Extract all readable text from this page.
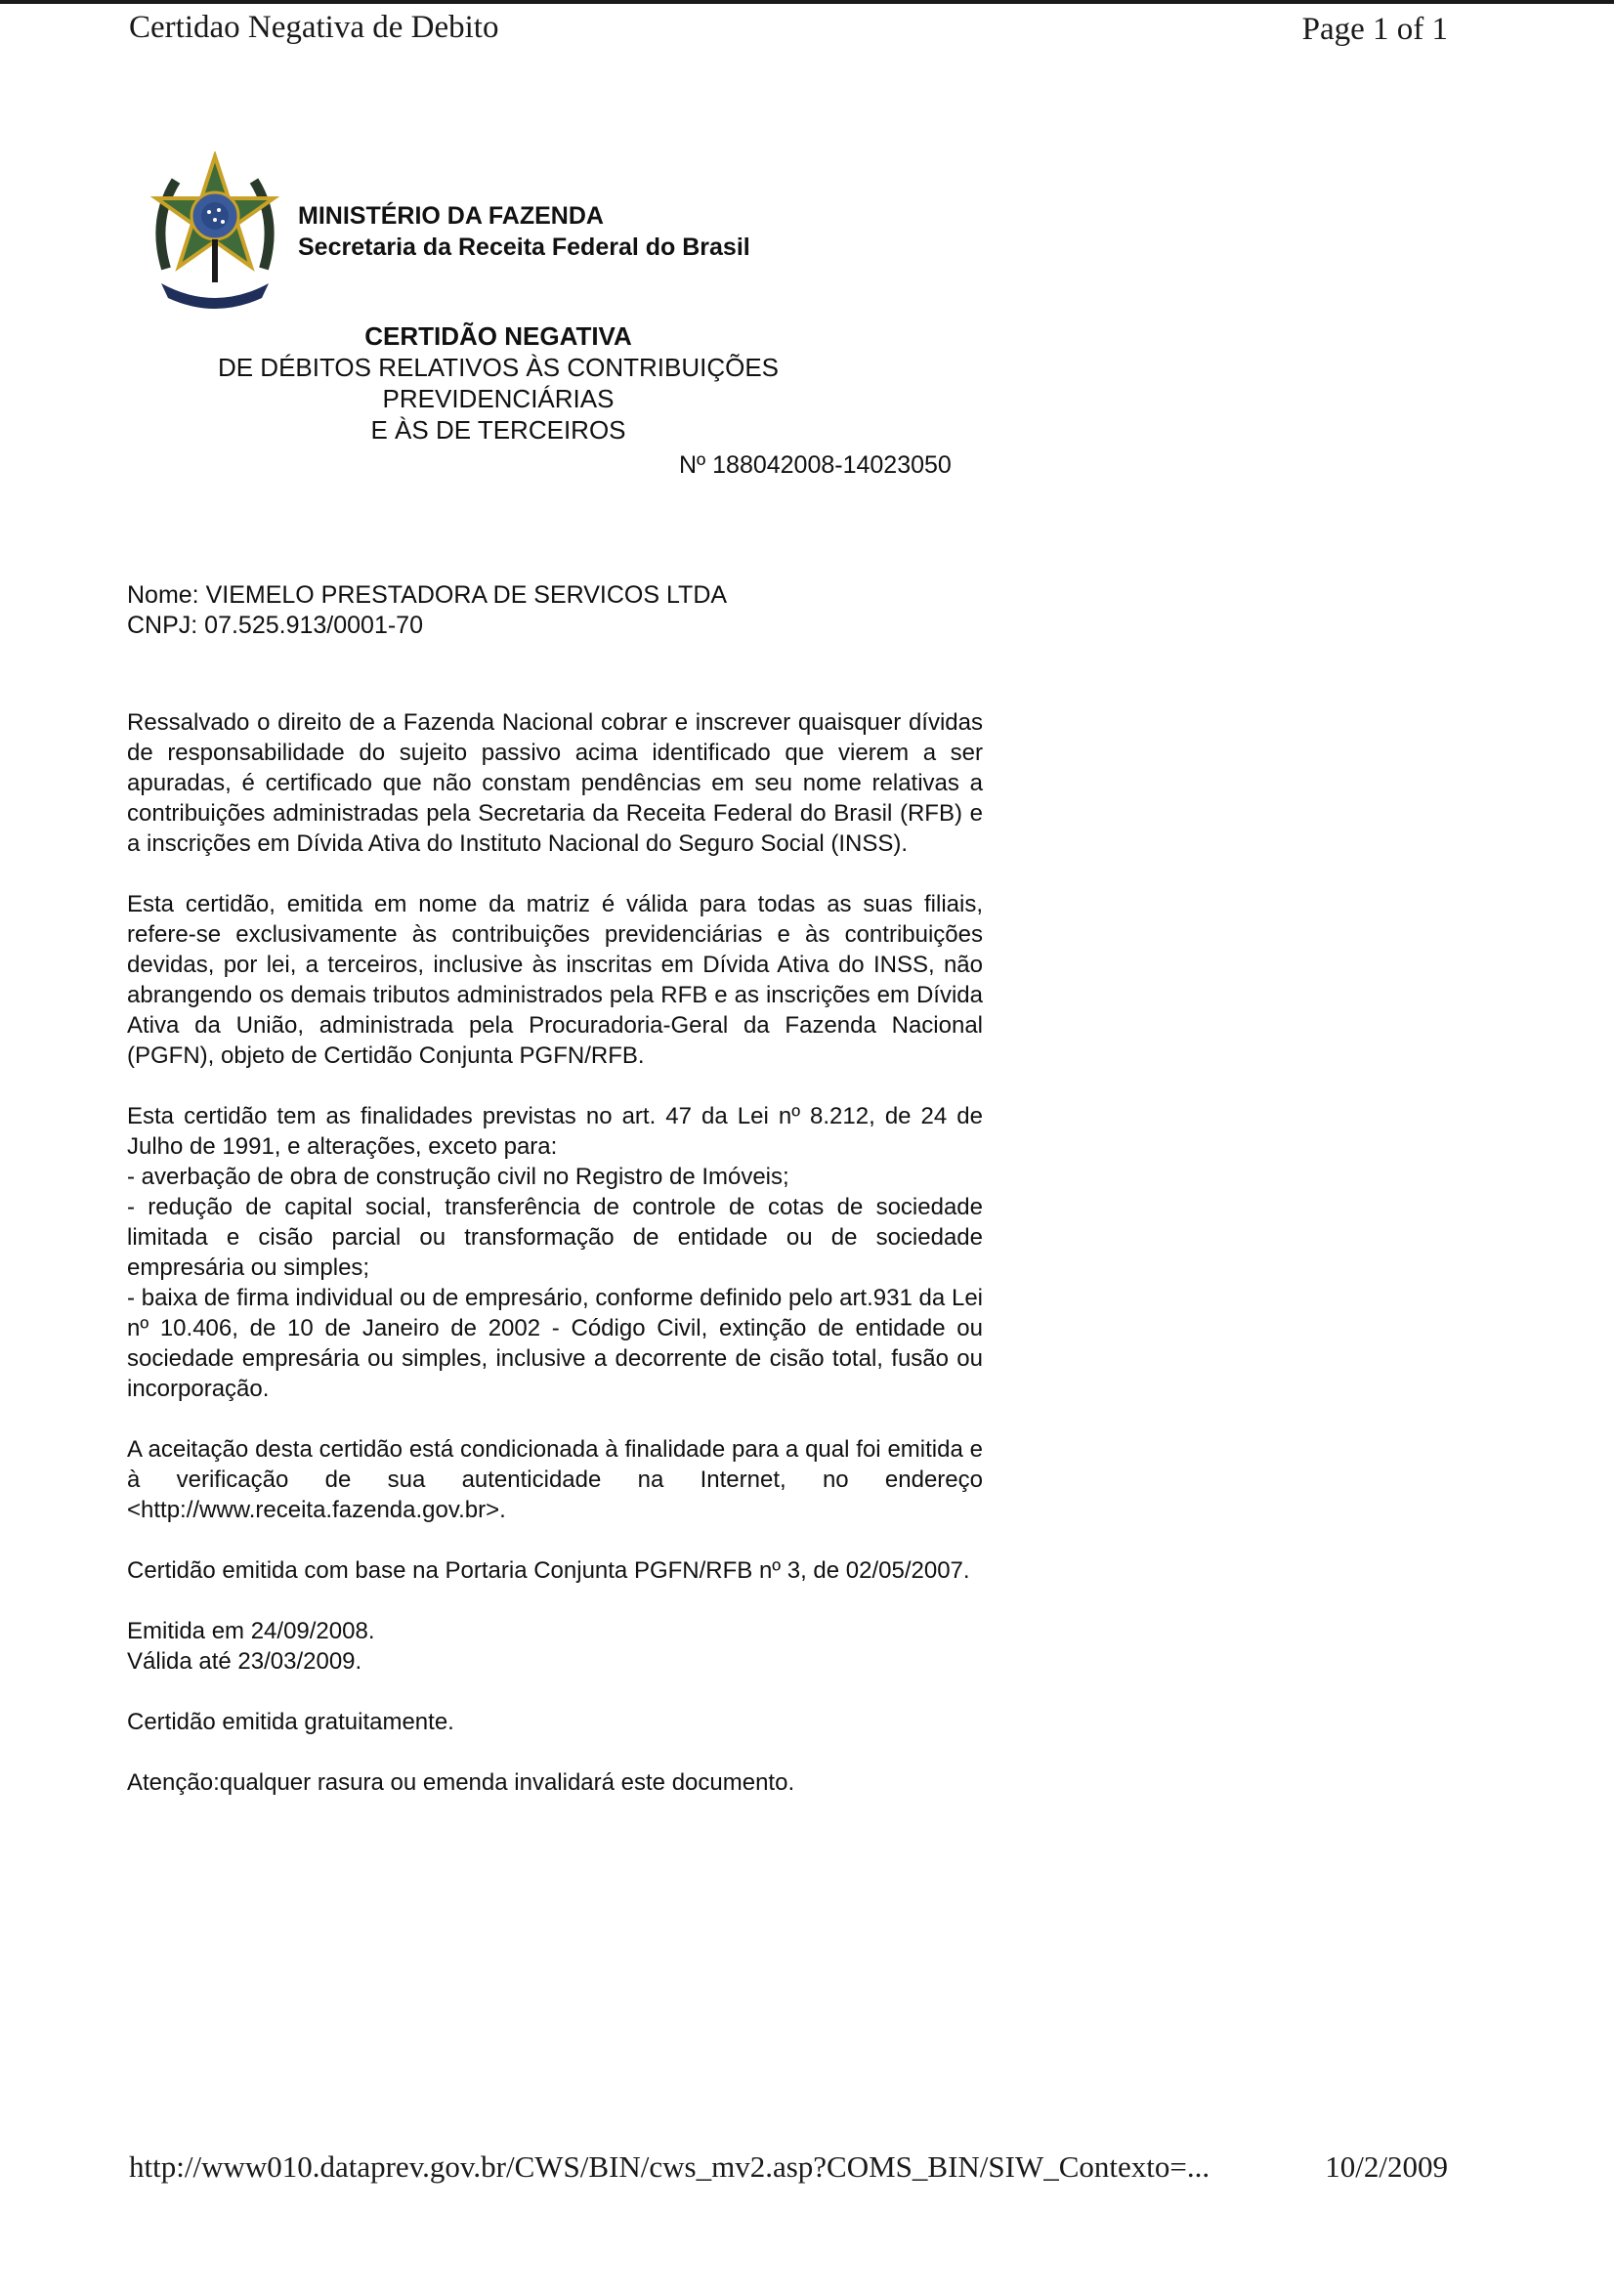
Certidao Negativa de Debito	Page 1 of 1
MINISTÉRIO DA FAZENDA
Secretaria da Receita Federal do Brasil
CERTIDÃO NEGATIVA
DE DÉBITOS RELATIVOS ÀS CONTRIBUIÇÕES PREVIDENCIÁRIAS
E ÀS DE TERCEIROS
Nº 188042008-14023050
Nome: VIEMELO PRESTADORA DE SERVICOS LTDA
CNPJ: 07.525.913/0001-70

Ressalvado o direito de a Fazenda Nacional cobrar e inscrever quaisquer dívidas de responsabilidade do sujeito passivo acima identificado que vierem a ser apuradas, é certificado que não constam pendências em seu nome relativas a contribuições administradas pela Secretaria da Receita Federal do Brasil (RFB) e a inscrições em Dívida Ativa do Instituto Nacional do Seguro Social (INSS).

Esta certidão, emitida em nome da matriz é válida para todas as suas filiais, refere-se exclusivamente às contribuições previdenciárias e às contribuições devidas, por lei, a terceiros, inclusive às inscritas em Dívida Ativa do INSS, não abrangendo os demais tributos administrados pela RFB e as inscrições em Dívida Ativa da União, administrada pela Procuradoria-Geral da Fazenda Nacional (PGFN), objeto de Certidão Conjunta PGFN/RFB.

Esta certidão tem as finalidades previstas no art. 47 da Lei nº 8.212, de 24 de Julho de 1991, e alterações, exceto para:

- averbação de obra de construção civil no Registro de Imóveis;

- redução de capital social, transferência de controle de cotas de sociedade limitada e cisão parcial ou transformação de entidade ou de sociedade empresária ou simples;

- baixa de firma individual ou de empresário, conforme definido pelo art.931 da Lei nº 10.406, de 10 de Janeiro de 2002 - Código Civil, extinção de entidade ou sociedade empresária ou simples, inclusive a decorrente de cisão total, fusão ou incorporação.

A aceitação desta certidão está condicionada à finalidade para a qual foi emitida e à verificação de sua autenticidade na Internet, no endereço <http://www.receita.fazenda.gov.br>.

Certidão emitida com base na Portaria Conjunta PGFN/RFB nº 3, de 02/05/2007.

Emitida em 24/09/2008.

Válida até 23/03/2009.

Certidão emitida gratuitamente.

Atenção:qualquer rasura ou emenda invalidará este documento.

http://www010.dataprev.gov.br/CWS/BIN/cws_mv2.asp?COMS_BIN/SIW_Contexto=...	10/2/2009
